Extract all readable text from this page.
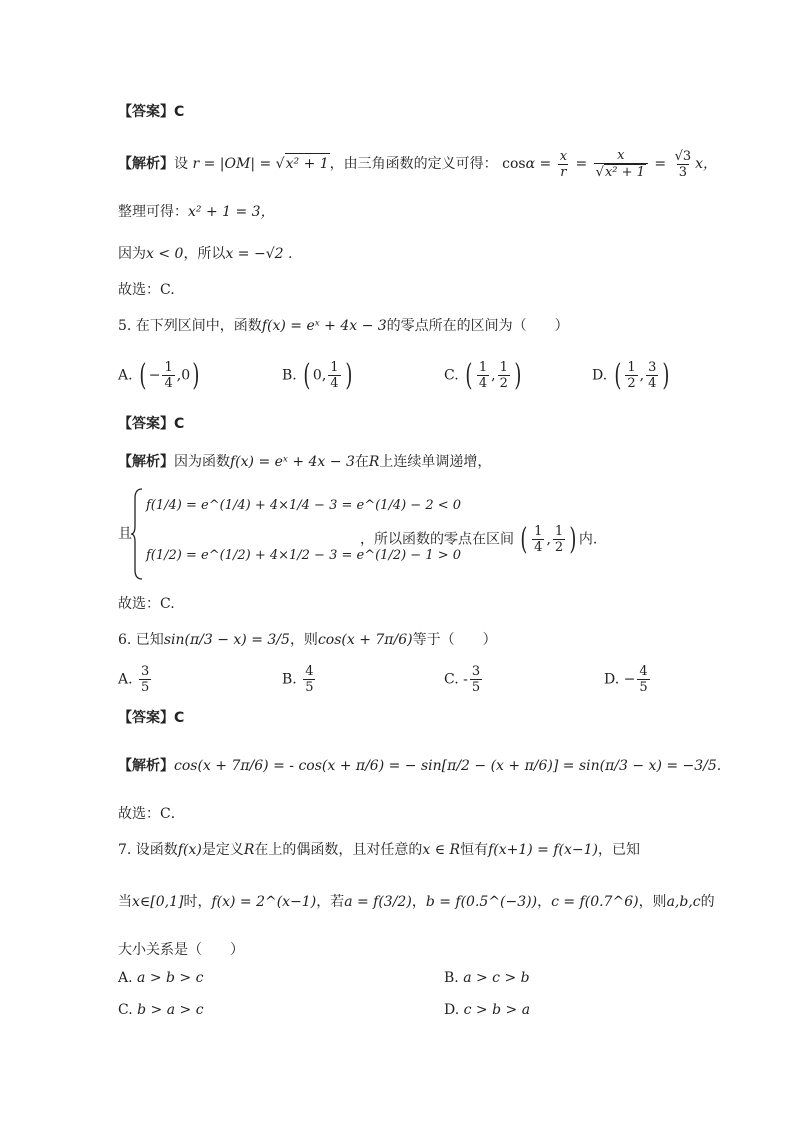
【答案】C
【解析】设 r = |OM| = √x² + 1，由三角函数的定义可得： $\cos\alpha = \frac{x}{r} = \frac{x}{\text{√x² + 1}} = \frac{√3}{3}$ x，
整理可得：x² + 1 = 3，
因为x < 0，所以x = −√2 .
故选：C.
5. 在下列区间中，函数f(x) = eˣ + 4x − 3的零点所在的区间为（　　）
A. ( − $\frac{1}{4} ,0$)	B. ( 0, $\frac{1}{4}$ )	C. ( $\frac{1}{4}$ , $\frac{1}{2}$ )	D. ( $\frac{1}{2}$ , $\frac{3}{4}$ )
【答案】C
【解析】因为函数f(x) = eˣ + 4x − 3在R上连续单调递增，
且
f(1/4) = e^(1/4) + 4×1/4 − 3 = e^(1/4) − 2 < 0
f(1/2) = e^(1/2) + 4×1/2 − 3 = e^(1/2) − 1 > 0
，所以函数的零点在区间 ( $\frac{1}{4}$ , $\frac{1}{2}$ ) 内.
故选：C.
6. 已知sin(π/3 − x) = 3/5，则cos(x + 7π/6)等于（　　）
A. $\frac{3}{5}$	B. $\frac{4}{5}$	C. - $\frac{3}{5}$	D. − $\frac{4}{5}$
【答案】C
【解析】cos(x + 7π/6) = - cos(x + π/6) = − sin[π/2 − (x + π/6)] = sin(π/3 − x) = −3/5.
故选：C．
7. 设函数f(x)是定义R在上的偶函数，且对任意的x ∈ R恒有f(x+1) = f(x−1)，已知
当x∈[0,1]时，f(x) = 2^(x−1)，若a = f(3/2)，b = f(0.5^(−3))，c = f(0.7^6)，则a,b,c的
大小关系是（　　）
A. a > b > c	B. a > c > b
C. b > a > c	D. c > b > a
